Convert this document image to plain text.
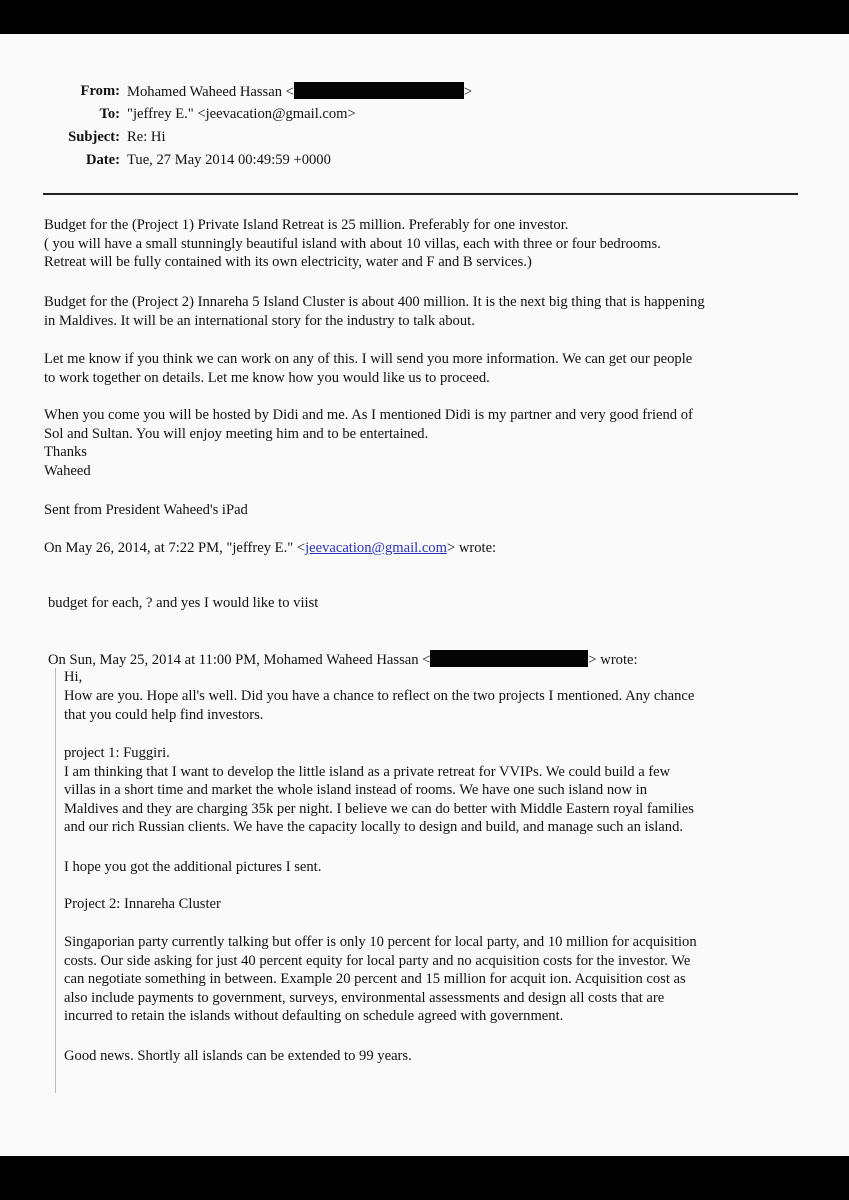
From: Mohamed Waheed Hassan <	>
To: "jeffrey E." <jeevacation@gmail.com>
Subject: Re: Hi
Date: Tue, 27 May 2014 00:49:59 +0000
Budget for the (Project 1) Private Island Retreat is 25 million. Preferably for one investor.
( you will have a small stunningly beautiful island with about 10 villas, each with three or four bedrooms.
Retreat will be fully contained with its own electricity, water and F and B services.)
Budget for the (Project 2) Innareha 5 Island Cluster is about 400 million. It is the next big thing that is happening
in Maldives. It will be an international story for the industry to talk about.
Let me know if you think we can work on any of this. I will send you more information. We can get our people
to work together on details. Let me know how you would like us to proceed.
When you come you will be hosted by Didi and me. As I mentioned Didi is my partner and very good friend of
Sol and Sultan. You will enjoy meeting him and to be entertained.
Thanks
Waheed
Sent from President Waheed's iPad
On May 26, 2014, at 7:22 PM, "jeffrey E." <jeevacation@gmail.com> wrote:
budget for each, ? and yes I would like to viist
On Sun, May 25, 2014 at 11:00 PM, Mohamed Waheed Hassan <	> wrote:
Hi,
How are you. Hope all's well. Did you have a chance to reflect on the two projects I mentioned. Any chance
that you could help find investors.
project 1: Fuggiri.
I am thinking that I want to develop the little island as a private retreat for VVIPs. We could build a few
villas in a short time and market the whole island instead of rooms. We have one such island now in
Maldives and they are charging 35k per night. I believe we can do better with Middle Eastern royal families
and our rich Russian clients. We have the capacity locally to design and build, and manage such an island.
I hope you got the additional pictures I sent.
Project 2: Innareha Cluster
Singaporian party currently talking but offer is only 10 percent for local party, and 10 million for acquisition
costs. Our side asking for just 40 percent equity for local party and no acquisition costs for the investor. We
can negotiate something in between. Example 20 percent and 15 million for acquit ion. Acquisition cost as
also include payments to government, surveys, environmental assessments and design all costs that are
incurred to retain the islands without defaulting on schedule agreed with government.
Good news. Shortly all islands can be extended to 99 years.
EFTA00707038
